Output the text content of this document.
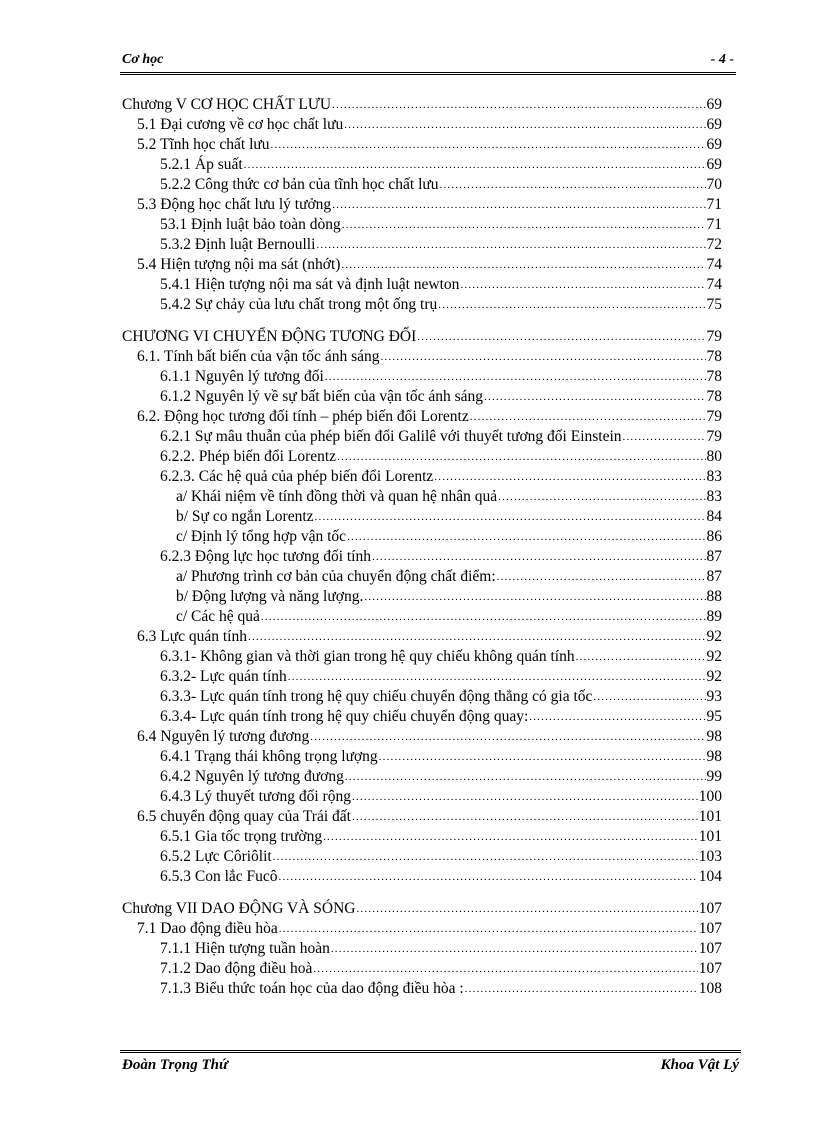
Cơ học	- 4 -
Chương V CƠ HỌC CHẤT LƯU .....	69
5.1 Đại cương về cơ học chất lưu .....	69
5.2 Tĩnh học chất lưu .....	69
5.2.1 Áp suất .....	69
5.2.2 Công thức cơ bản của tĩnh học chất lưu .....	70
5.3 Động học chất lưu lý tưởng .....	71
53.1 Định luật bảo toàn dòng .....	71
5.3.2 Định luật Bernoulli .....	72
5.4 Hiện tượng nội ma sát (nhớt) .....	74
5.4.1 Hiện tượng nội ma sát và định luật newton .....	74
5.4.2 Sự chảy của lưu chất trong một ống trụ .....	75
CHƯƠNG VI CHUYỂN ĐỘNG TƯƠNG ĐỐI .....	79
6.1. Tính bất biến của vận tốc ánh sáng .....	78
6.1.1 Nguyên lý tương đối .....	78
6.1.2 Nguyên lý về sự bất biến của vận tốc ánh sáng .....	78
6.2. Động học tương đối tính – phép biến đổi Lorentz .....	79
6.2.1 Sự mâu thuẫn của phép biến đổi Galilê với thuyết tương đối Einstein .....	79
6.2.2. Phép biến đổi Lorentz .....	80
6.2.3. Các hệ quả của phép biến đổi Lorentz .....	83
a/ Khái niệm về tính đồng thời và quan hệ nhân quả .....	83
b/ Sự co ngắn Lorentz .....	84
c/ Định lý tổng hợp vận tốc .....	86
6.2.3 Động lực học tương đối tính .....	87
a/ Phương trình cơ bản của chuyển động chất điểm: .....	87
b/ Động lượng và năng lượng. .....	88
c/ Các hệ quả .....	89
6.3 Lực quán tính .....	92
6.3.1- Không gian và thời gian trong hệ quy chiếu không quán tính .....	92
6.3.2- Lực quán tính .....	92
6.3.3- Lực quán tính trong hệ quy chiếu chuyển động thẳng có gia tốc .....	93
6.3.4- Lực quán tính trong hệ quy chiếu chuyển động quay: .....	95
6.4 Nguyên lý tương đương .....	98
6.4.1 Trạng thái không trọng lượng .....	98
6.4.2 Nguyên lý tương đương .....	99
6.4.3 Lý thuyết tương đối rộng .....	100
6.5 chuyển động quay của Trái đất .....	101
6.5.1 Gia tốc trọng trường .....	101
6.5.2 Lực Côriôlit .....	103
6.5.3 Con lắc Fucô .....	104
Chương VII DAO ĐỘNG VÀ SÓNG .....	107
7.1 Dao động điều hòa .....	107
7.1.1 Hiện tượng tuần hoàn .....	107
7.1.2 Dao động điều hoà .....	107
7.1.3 Biểu thức toán học của dao động điều hòa : .....	108
Đoàn Trọng Thứ	Khoa Vật Lý
